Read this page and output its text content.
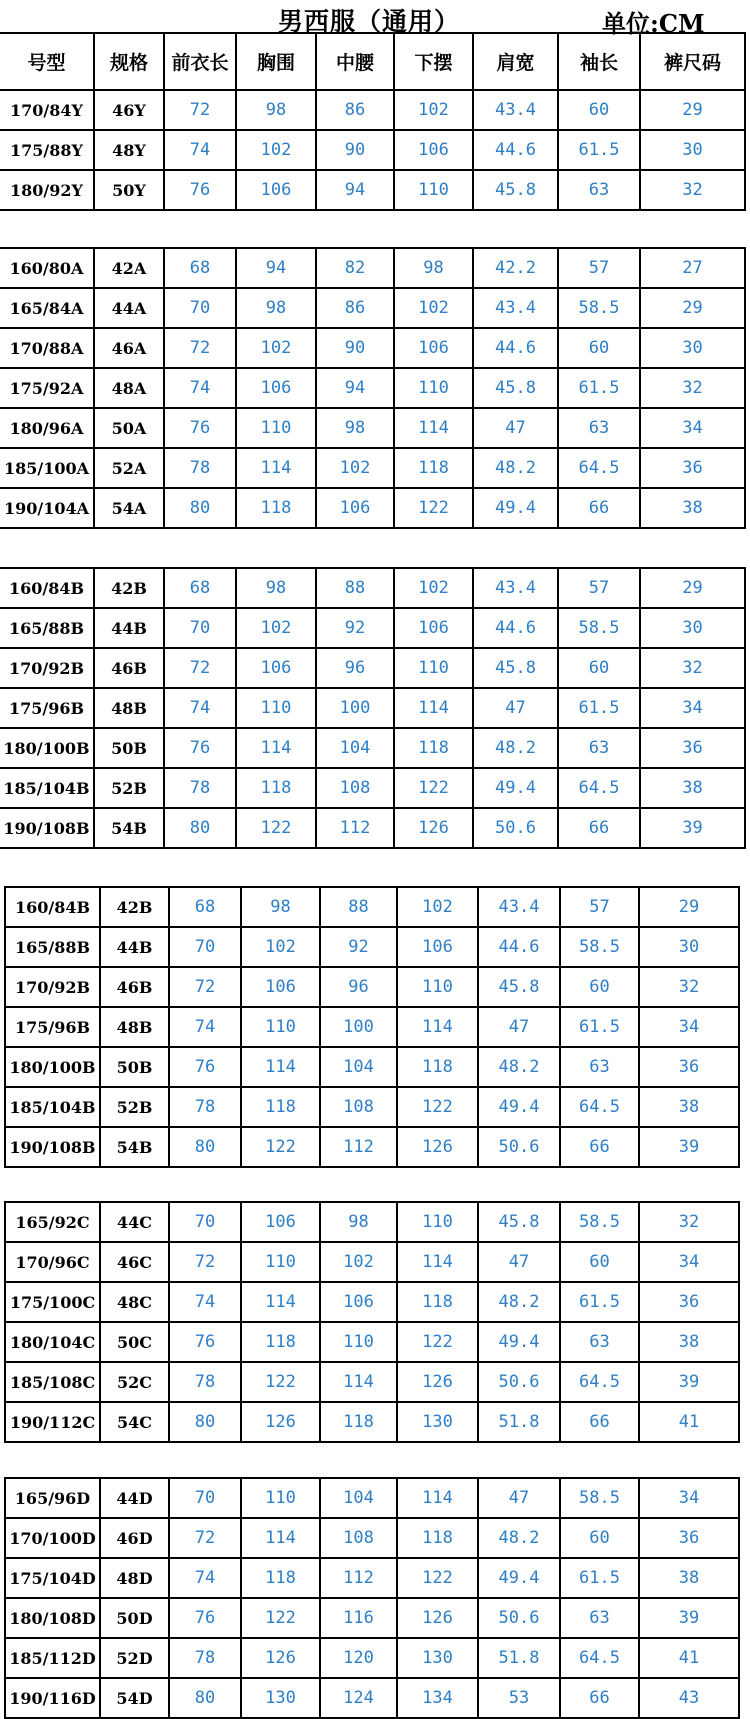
男西服（通用）	单位:CM
号型	规格	前衣长	胸围	中腰	下摆	肩宽	袖长	裤尺码
170/84Y	46Y	72	98	86	102	43.4	60	29
175/88Y	48Y	74	102	90	106	44.6	61.5	30
180/92Y	50Y	76	106	94	110	45.8	63	32
160/80A	42A	68	94	82	98	42.2	57	27
165/84A	44A	70	98	86	102	43.4	58.5	29
170/88A	46A	72	102	90	106	44.6	60	30
175/92A	48A	74	106	94	110	45.8	61.5	32
180/96A	50A	76	110	98	114	47	63	34
185/100A	52A	78	114	102	118	48.2	64.5	36
190/104A	54A	80	118	106	122	49.4	66	38
160/84B	42B	68	98	88	102	43.4	57	29
165/88B	44B	70	102	92	106	44.6	58.5	30
170/92B	46B	72	106	96	110	45.8	60	32
175/96B	48B	74	110	100	114	47	61.5	34
180/100B	50B	76	114	104	118	48.2	63	36
185/104B	52B	78	118	108	122	49.4	64.5	38
190/108B	54B	80	122	112	126	50.6	66	39
160/84B	42B	68	98	88	102	43.4	57	29
165/88B	44B	70	102	92	106	44.6	58.5	30
170/92B	46B	72	106	96	110	45.8	60	32
175/96B	48B	74	110	100	114	47	61.5	34
180/100B	50B	76	114	104	118	48.2	63	36
185/104B	52B	78	118	108	122	49.4	64.5	38
190/108B	54B	80	122	112	126	50.6	66	39
165/92C	44C	70	106	98	110	45.8	58.5	32
170/96C	46C	72	110	102	114	47	60	34
175/100C	48C	74	114	106	118	48.2	61.5	36
180/104C	50C	76	118	110	122	49.4	63	38
185/108C	52C	78	122	114	126	50.6	64.5	39
190/112C	54C	80	126	118	130	51.8	66	41
165/96D	44D	70	110	104	114	47	58.5	34
170/100D	46D	72	114	108	118	48.2	60	36
175/104D	48D	74	118	112	122	49.4	61.5	38
180/108D	50D	76	122	116	126	50.6	63	39
185/112D	52D	78	126	120	130	51.8	64.5	41
190/116D	54D	80	130	124	134	53	66	43
